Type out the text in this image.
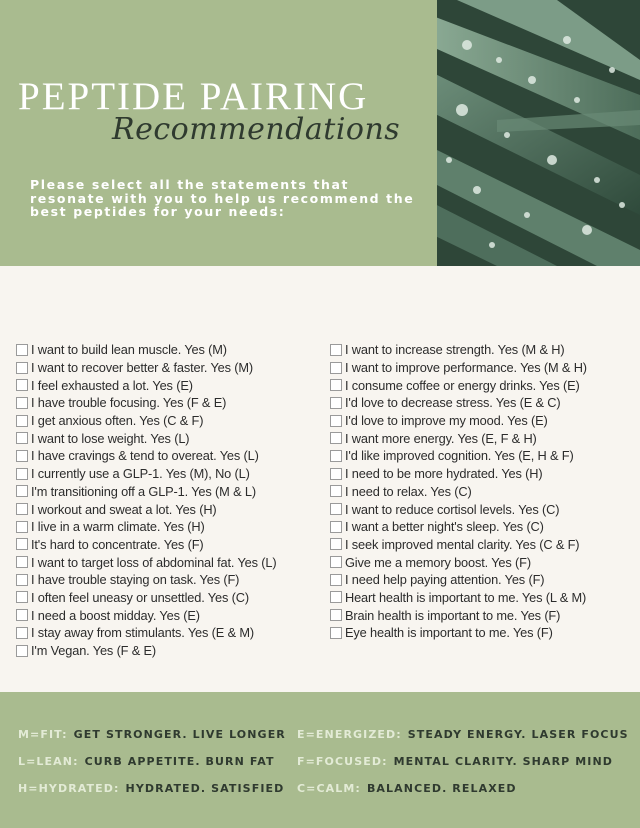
PEPTIDE PAIRING
Recommendations

Please select all the statements that resonate with you to help us recommend the best peptides for your needs:

I want to build lean muscle. Yes (M)
I want to recover better & faster. Yes (M)
I feel exhausted a lot. Yes (E)
I have trouble focusing. Yes (F & E)
I get anxious often. Yes (C & F)
I want to lose weight. Yes (L)
I have cravings & tend to overeat. Yes (L)
I currently use a GLP-1. Yes (M), No (L)
I'm transitioning off a GLP-1. Yes (M & L)
I workout and sweat a lot. Yes (H)
I live in a warm climate. Yes (H)
It's hard to concentrate. Yes (F)
I want to target loss of abdominal fat. Yes (L)
I have trouble staying on task. Yes (F)
I often feel uneasy or unsettled. Yes (C)
I need a boost midday. Yes (E)
I stay away from stimulants. Yes (E & M)
I'm Vegan. Yes (F & E)
I want to increase strength. Yes (M & H)
I want to improve performance. Yes (M & H)
I consume coffee or energy drinks. Yes (E)
I'd love to decrease stress. Yes (E & C)
I'd love to improve my mood. Yes (E)
I want more energy. Yes (E, F & H)
I'd like improved cognition. Yes (E, H & F)
I need to be more hydrated. Yes (H)
I need to relax. Yes (C)
I want to reduce cortisol levels. Yes (C)
I want a better night's sleep. Yes (C)
I seek improved mental clarity. Yes (C & F)
Give me a memory boost. Yes (F)
I need help paying attention. Yes (F)
Heart health is important to me. Yes (L & M)
Brain health is important to me. Yes (F)
Eye health is important to me. Yes (F)
M=FIT: GET STRONGER. LIVE LONGER E=ENERGIZED: STEADY ENERGY. LASER FOCUS
L=LEAN: CURB APPETITE. BURN FAT F=FOCUSED: MENTAL CLARITY. SHARP MIND
H=HYDRATED: HYDRATED. SATISFIED C=CALM: BALANCED. RELAXED
